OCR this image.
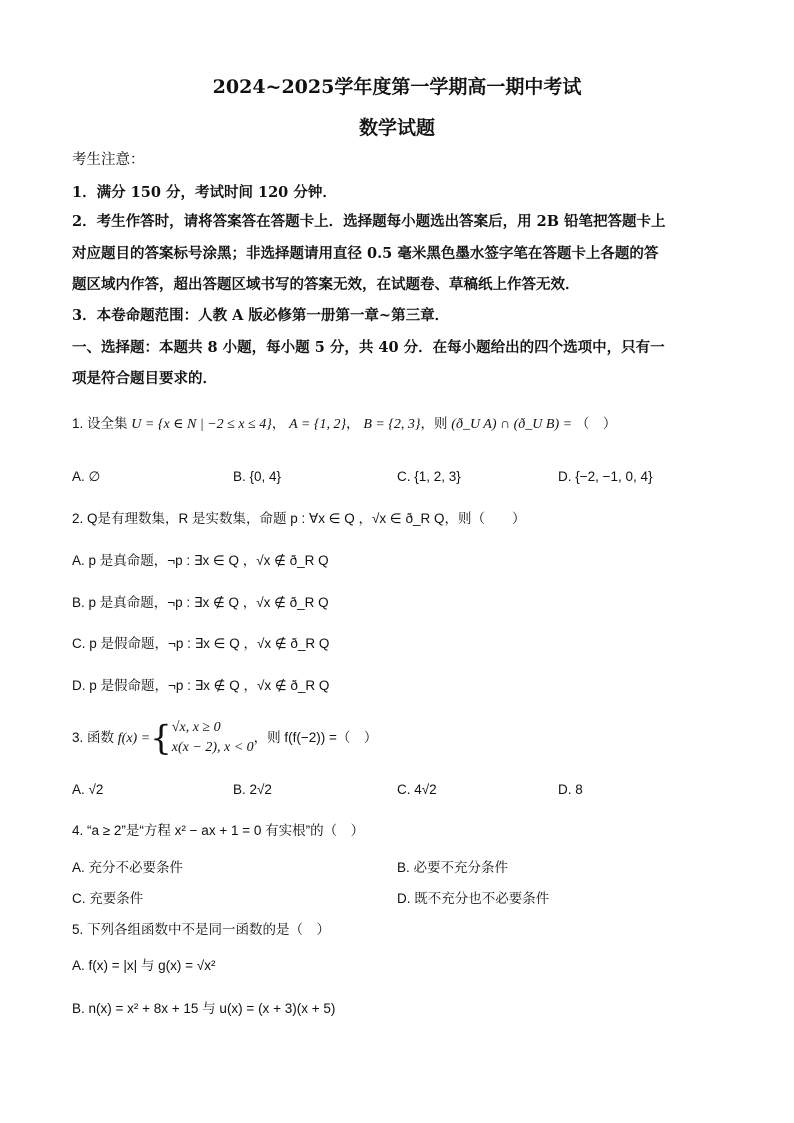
2024~2025学年度第一学期高一期中考试
数学试题
考生注意：
1．满分 150 分，考试时间 120 分钟．
2．考生作答时，请将答案答在答题卡上．选择题每小题选出答案后，用 2B 铅笔把答题卡上
对应题目的答案标号涂黑；非选择题请用直径 0.5 毫米黑色墨水签字笔在答题卡上各题的答
题区域内作答，超出答题区域书写的答案无效，在试题卷、草稿纸上作答无效．
3．本卷命题范围：人教 A 版必修第一册第一章~第三章．
一、选择题：本题共 8 小题，每小题 5 分，共 40 分．在每小题给出的四个选项中，只有一
项是符合题目要求的．
1. 设全集 U = {x ∈ N | −2 ≤ x ≤ 4}， A = {1, 2}， B = {2, 3}，则 (ð_U A) ∩ (ð_U B) = （　）
A. ∅	B. {0, 4}	C. {1, 2, 3}	D. {−2, −1, 0, 4}
2. Q是有理数集，R 是实数集，命题 p : ∀x ∈ Q ，√x ∈ ð_R Q，则（　　）
A. p 是真命题，¬p : ∃x ∈ Q ，√x ∉ ð_R Q
B. p 是真命题，¬p : ∃x ∉ Q ，√x ∉ ð_R Q
C. p 是假命题，¬p : ∃x ∈ Q ，√x ∉ ð_R Q
D. p 是假命题，¬p : ∃x ∉ Q ，√x ∉ ð_R Q
3. 函数 f(x) ={ √x, x ≥ 0
x(x − 2), x < 0
，则 f(f(−2)) =（　）
A. √2	B. 2√2	C. 4√2	D. 8
4. “a ≥ 2”是“方程 x² − ax + 1 = 0 有实根”的（　）
A. 充分不必要条件	B. 必要不充分条件
C. 充要条件	D. 既不充分也不必要条件
5. 下列各组函数中不是同一函数的是（　）
A. f(x) = |x| 与 g(x) = √x²
B. n(x) = x² + 8x + 15 与 u(x) = (x + 3)(x + 5)
